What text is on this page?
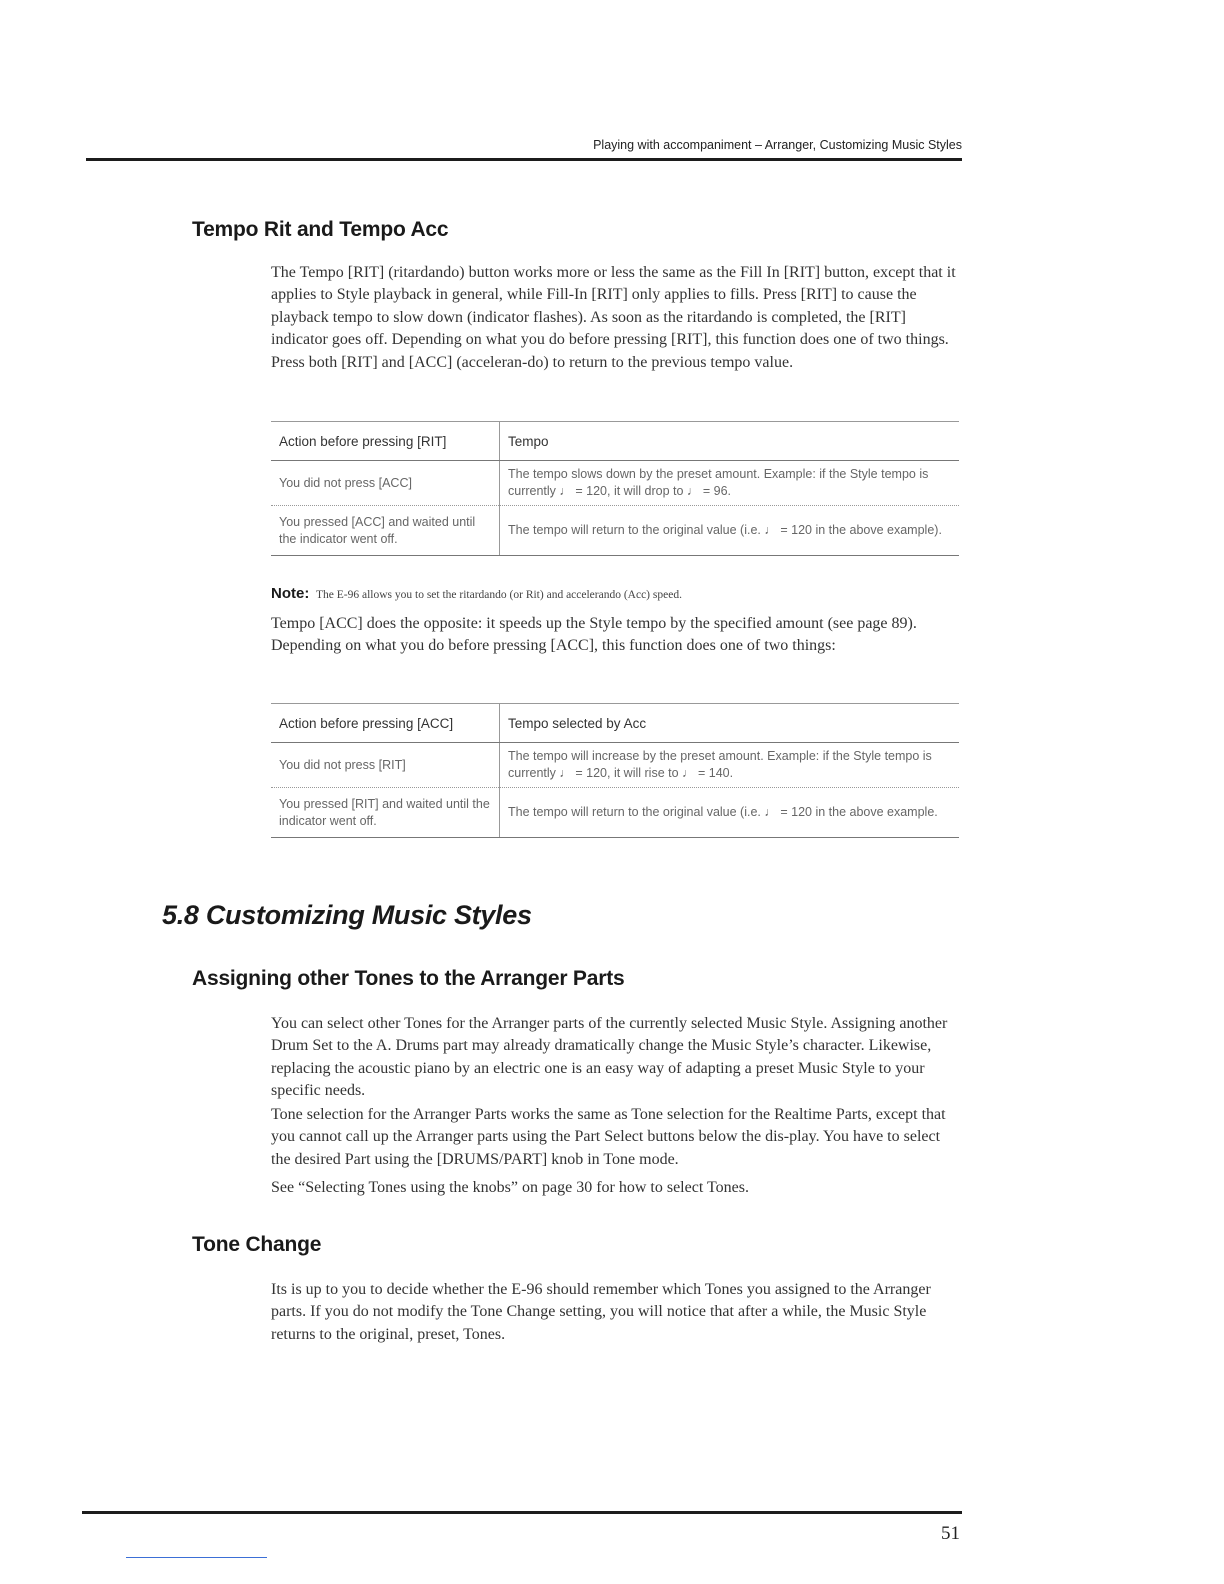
Playing with accompaniment – Arranger, Customizing Music Styles
Tempo Rit and Tempo Acc

The Tempo [RIT] (ritardando) button works more or less the same as the Fill In [RIT] button, except that it applies to Style playback in general, while Fill-In [RIT] only applies to fills. Press [RIT] to cause the playback tempo to slow down (indicator flashes). As soon as the ritardando is completed, the [RIT] indicator goes off. Depending on what you do before pressing [RIT], this function does one of two things. Press both [RIT] and [ACC] (acceleran-do) to return to the previous tempo value.

Action before pressing [RIT]	Tempo
You did not press [ACC]	The tempo slows down by the preset amount. Example: if the Style tempo is currently ♩ = 120, it will drop to ♩ = 96.
You pressed [ACC] and waited until the indicator went off.	The tempo will return to the original value (i.e. ♩ = 120 in the above example).

Note: The E-96 allows you to set the ritardando (or Rit) and accelerando (Acc) speed.

Tempo [ACC] does the opposite: it speeds up the Style tempo by the specified amount (see page 89). Depending on what you do before pressing [ACC], this function does one of two things:

Action before pressing [ACC]	Tempo selected by Acc
You did not press [RIT]	The tempo will increase by the preset amount. Example: if the Style tempo is currently ♩ = 120, it will rise to ♩ = 140.
You pressed [RIT] and waited until the indicator went off.	The tempo will return to the original value (i.e. ♩ = 120 in the above example.
5.8 Customizing Music Styles
Assigning other Tones to the Arranger Parts

You can select other Tones for the Arranger parts of the currently selected Music Style. Assigning another Drum Set to the A. Drums part may already dramatically change the Music Style’s character. Likewise, replacing the acoustic piano by an electric one is an easy way of adapting a preset Music Style to your specific needs.

Tone selection for the Arranger Parts works the same as Tone selection for the Realtime Parts, except that you cannot call up the Arranger parts using the Part Select buttons below the dis-play. You have to select the desired Part using the [DRUMS/PART] knob in Tone mode.

See “Selecting Tones using the knobs” on page 30 for how to select Tones.

Tone Change

Its is up to you to decide whether the E-96 should remember which Tones you assigned to the Arranger parts. If you do not modify the Tone Change setting, you will notice that after a while, the Music Style returns to the original, preset, Tones.

51
